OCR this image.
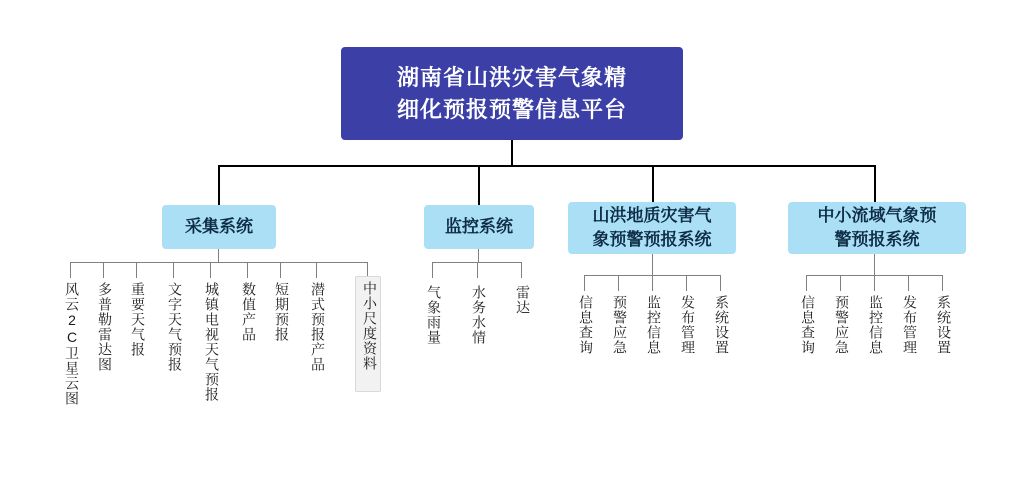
湖南省山洪灾害气象精
细化预报预警信息平台
采集系统	监控系统
山洪地质灾害气
象预警预报系统
中小流域气象预
警预报系统
风云2C卫星云图 多普勒雷达图 重要天气报 文字天气预报 城镇电视天气预报 数值产品 短期预报 潜式预报产品	中小尺度资料	气象雨量 水务水情 雷达	信息查询 预警应急 监控信息 发布管理 系统设置	信息查询 预警应急 监控信息 发布管理 系统设置
